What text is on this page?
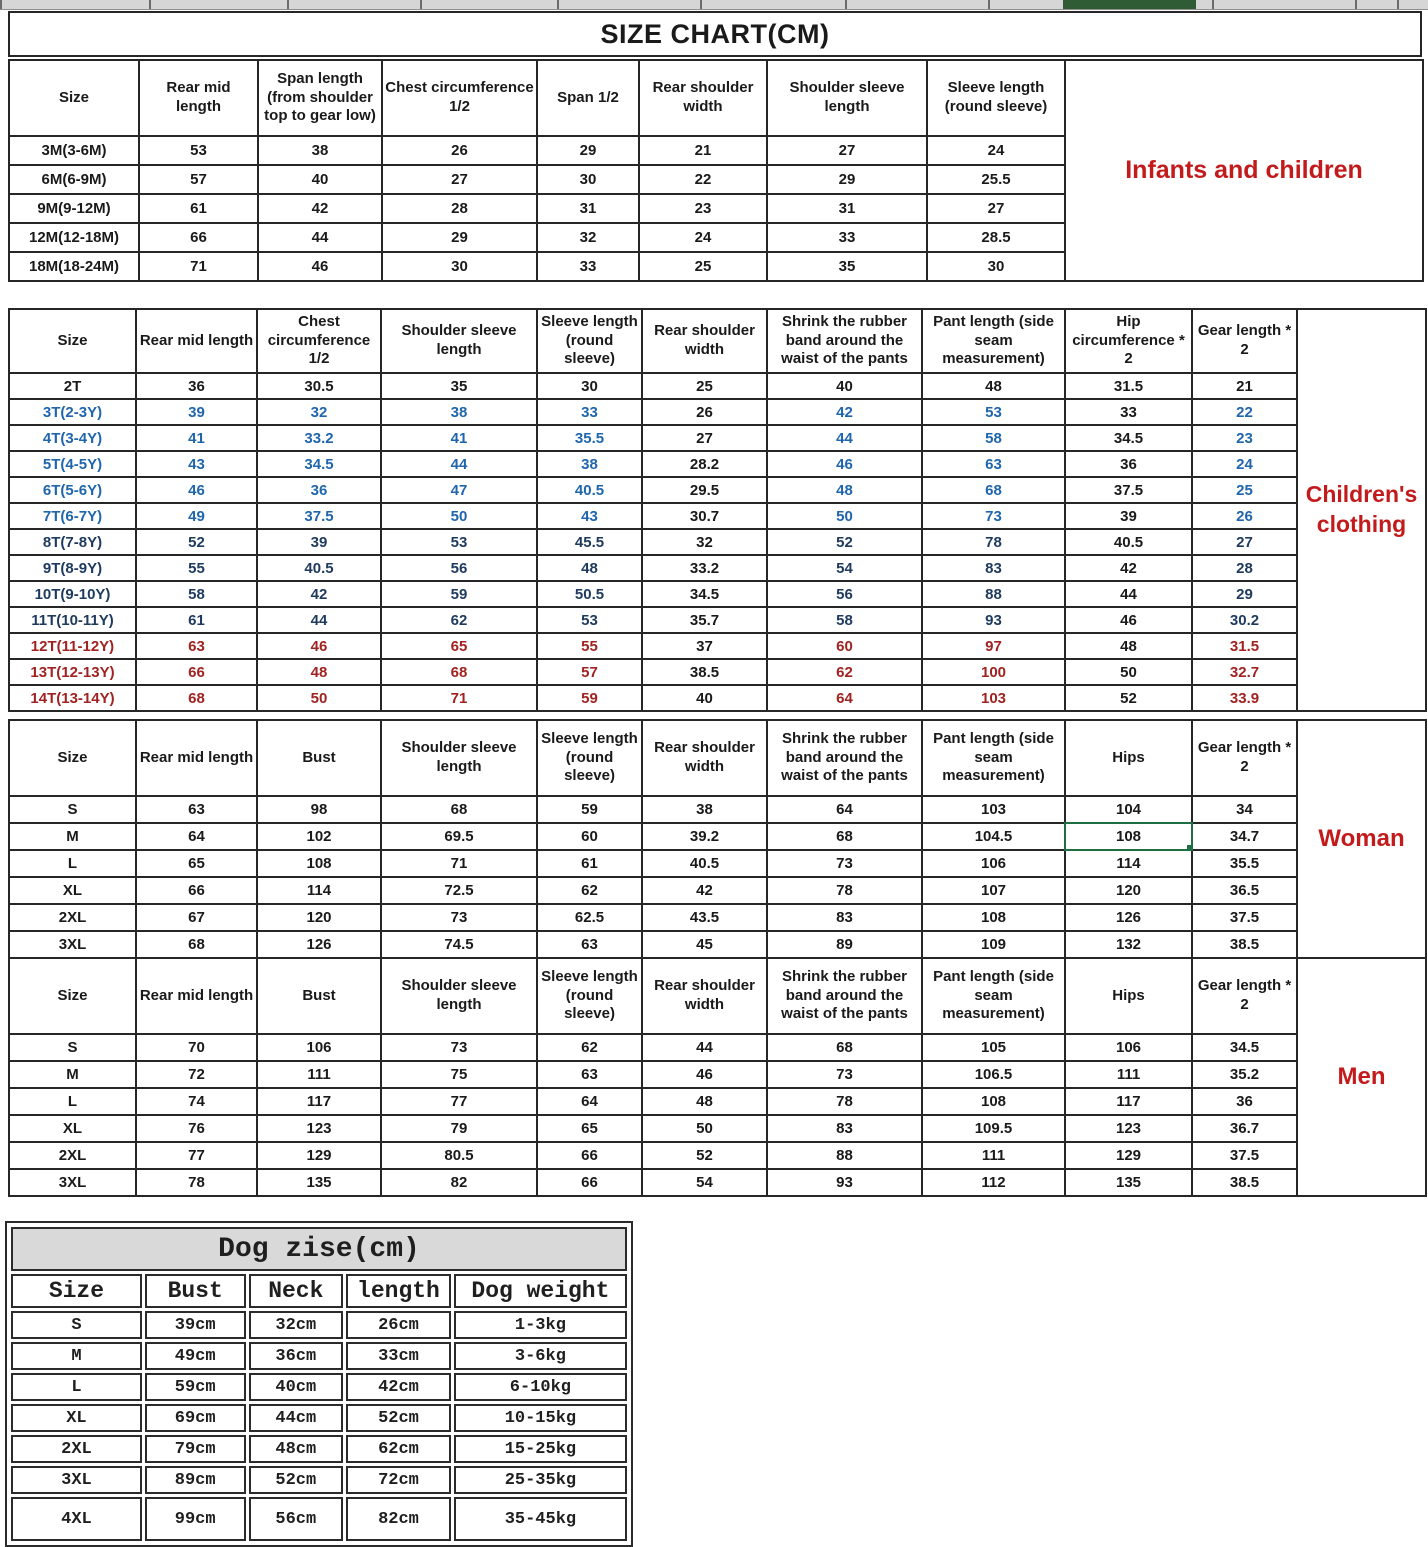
SIZE CHART(CM)
Size	Rear mid length	Span length (from shoulder top to gear low)	Chest circumference 1/2	Span 1/2	Rear shoulder width	Shoulder sleeve length	Sleeve length (round sleeve)	Infants and children
3M(3-6M)	53	38	26	29	21	27	24	
6M(6-9M)	57	40	27	30	22	29	25.5	
9M(9-12M)	61	42	28	31	23	31	27	
12M(12-18M)	66	44	29	32	24	33	28.5	
18M(18-24M)	71	46	30	33	25	35	30	
Size	Rear mid length	Chest circumference 1/2	Shoulder sleeve length	Sleeve length (round sleeve)	Rear shoulder width	Shrink the rubber band around the waist of the pants	Pant length (side seam measurement)	Hip circumference * 2	Gear length * 2	Children's clothing
2T	36	30.5	35	30	25	40	48	31.5	21	
3T(2-3Y)	39	32	38	33	26	42	53	33	22	
4T(3-4Y)	41	33.2	41	35.5	27	44	58	34.5	23	
5T(4-5Y)	43	34.5	44	38	28.2	46	63	36	24	
6T(5-6Y)	46	36	47	40.5	29.5	48	68	37.5	25	
7T(6-7Y)	49	37.5	50	43	30.7	50	73	39	26	
8T(7-8Y)	52	39	53	45.5	32	52	78	40.5	27	
9T(8-9Y)	55	40.5	56	48	33.2	54	83	42	28	
10T(9-10Y)	58	42	59	50.5	34.5	56	88	44	29	
11T(10-11Y)	61	44	62	53	35.7	58	93	46	30.2	
12T(11-12Y)	63	46	65	55	37	60	97	48	31.5	
13T(12-13Y)	66	48	68	57	38.5	62	100	50	32.7	
14T(13-14Y)	68	50	71	59	40	64	103	52	33.9	
Size	Rear mid length	Bust	Shoulder sleeve length	Sleeve length (round sleeve)	Rear shoulder width	Shrink the rubber band around the waist of the pants	Pant length (side seam measurement)	Hips	Gear length * 2	Woman
S	63	98	68	59	38	64	103	104	34	
M	64	102	69.5	60	39.2	68	104.5	108	34.7	
L	65	108	71	61	40.5	73	106	114	35.5	
XL	66	114	72.5	62	42	78	107	120	36.5	
2XL	67	120	73	62.5	43.5	83	108	126	37.5	
3XL	68	126	74.5	63	45	89	109	132	38.5	
Size	Rear mid length	Bust	Shoulder sleeve length	Sleeve length (round sleeve)	Rear shoulder width	Shrink the rubber band around the waist of the pants	Pant length (side seam measurement)	Hips	Gear length * 2	Men
S	70	106	73	62	44	68	105	106	34.5	
M	72	111	75	63	46	73	106.5	111	35.2	
L	74	117	77	64	48	78	108	117	36	
XL	76	123	79	65	50	83	109.5	123	36.7	
2XL	77	129	80.5	66	52	88	111	129	37.5	
3XL	78	135	82	66	54	93	112	135	38.5	
Dog zise(cm)				
Size	Bust	Neck	length	Dog weight
S	39cm	32cm	26cm	1-3kg
M	49cm	36cm	33cm	3-6kg
L	59cm	40cm	42cm	6-10kg
XL	69cm	44cm	52cm	10-15kg
2XL	79cm	48cm	62cm	15-25kg
3XL	89cm	52cm	72cm	25-35kg
4XL	99cm	56cm	82cm	35-45kg
